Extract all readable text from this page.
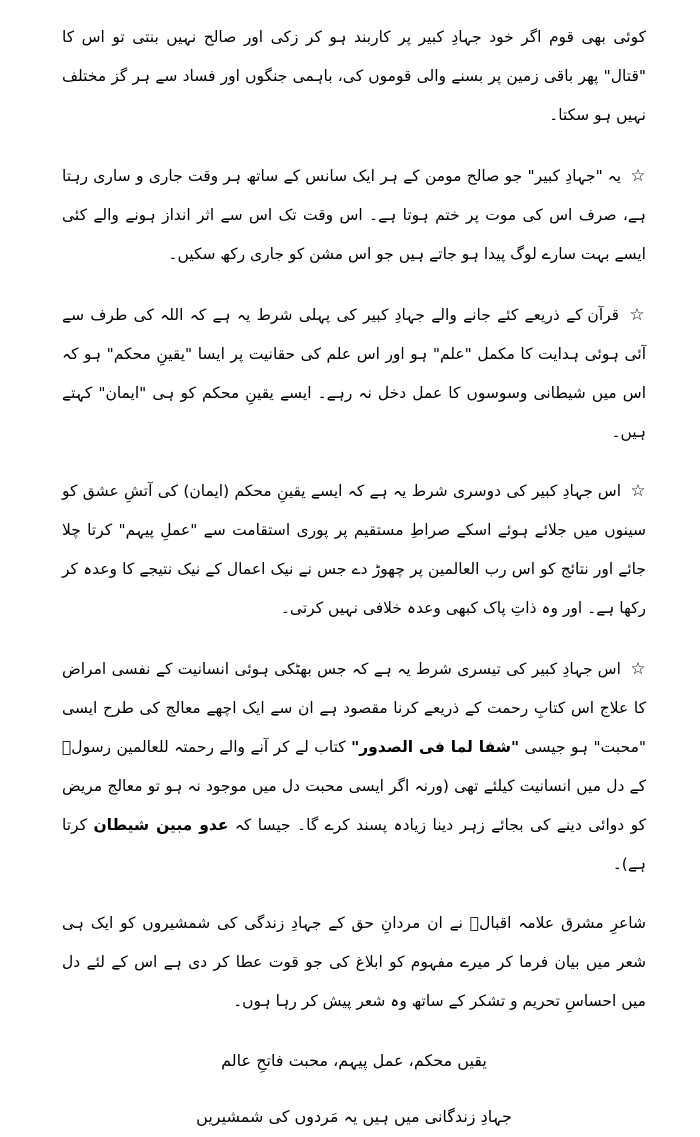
کوئی بھی قوم اگر خود جہادِ کبیر پر کاربند ہو کر زکی اور صالح نہیں بنتی تو اس کا "قتال" پھر باقی زمین پر بسنے والی قوموں کی، باہمی جنگوں اور فساد سے ہر گز مختلف نہیں ہو سکتا۔

☆ یہ "جہادِ کبیر" جو صالح مومن کے ہر ایک سانس کے ساتھ ہر وقت جاری و ساری رہتا ہے، صرف اس کی موت پر ختم ہوتا ہے۔ اس وقت تک اس سے اثر انداز ہونے والے کئی ایسے بہت سارے لوگ پیدا ہو جاتے ہیں جو اس مشن کو جاری رکھ سکیں۔

☆ قرآن کے ذریعے کئے جانے والے جہادِ کبیر کی پہلی شرط یہ ہے کہ اللہ کی طرف سے آئی ہوئی ہدایت کا مکمل "علم" ہو اور اس علم کی حقانیت پر ایسا "یقینِ محکم" ہو کہ اس میں شیطانی وسوسوں کا عمل دخل نہ رہے۔ ایسے یقینِ محکم کو ہی "ایمان" کہتے ہیں۔

☆ اس جہادِ کبیر کی دوسری شرط یہ ہے کہ ایسے یقینِ محکم (ایمان) کی آتشِ عشق کو سینوں میں جلائے ہوئے اسکے صراطِ مستقیم پر پوری استقامت سے "عملِ پیہم" کرتا چلا جائے اور نتائج کو اس رب العالمین پر چھوڑ دے جس نے نیک اعمال کے نیک نتیجے کا وعدہ کر رکھا ہے۔ اور وہ ذاتِ پاک کبھی وعدہ خلافی نہیں کرتی۔

☆ اس جہادِ کبیر کی تیسری شرط یہ ہے کہ جس بھٹکی ہوئی انسانیت کے نفسی امراض کا علاج اس کتابِ رحمت کے ذریعے کرنا مقصود ہے ان سے ایک اچھے معالج کی طرح ایسی "محبت" ہو جیسی "شفا لما فی الصدور" کتاب لے کر آنے والے رحمتہ للعالمین رسولؐ کے دل میں انسانیت کیلئے تھی (ورنہ اگر ایسی محبت دل میں موجود نہ ہو تو معالج مریض کو دوائی دینے کی بجائے زہر دینا زیادہ پسند کرے گا۔ جیسا کہ عدو مبین شیطان کرتا ہے)۔

شاعرِ مشرق علامہ اقبالؒ نے ان مردانِ حق کے جہادِ زندگی کی شمشیروں کو ایک ہی شعر میں بیان فرما کر میرے مفہوم کو ابلاغ کی جو قوت عطا کر دی ہے اس کے لئے دل میں احساسِ تحریم و تشکر کے ساتھ وہ شعر پیش کر رہا ہوں۔

یقیں محکم، عمل پیہم، محبت فاتحِ عالم

جہادِ زندگانی میں ہیں یہ مَردوں کی شمشیریں
